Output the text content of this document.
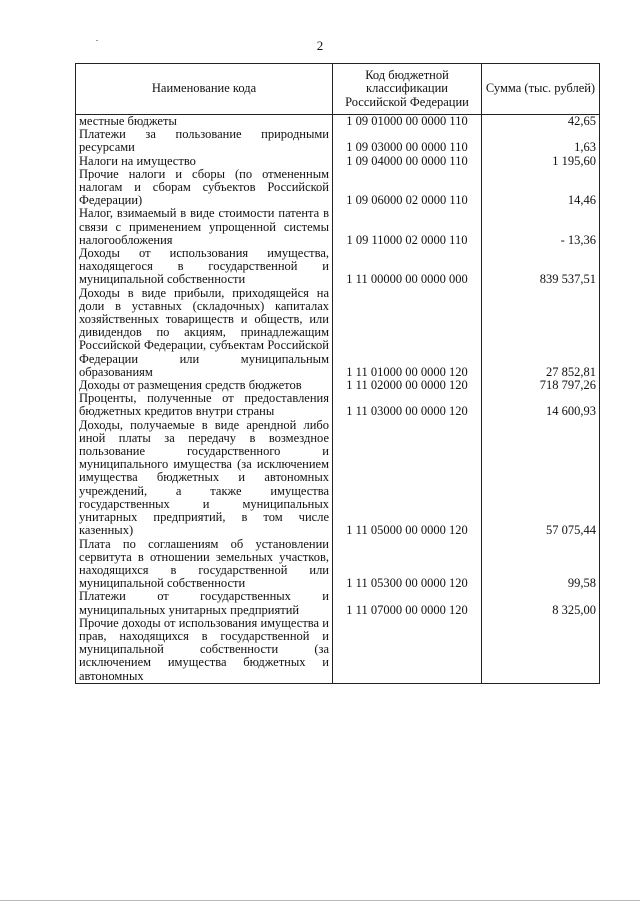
2
Наименование кода	Код бюджетной классификации Российской Федерации	Сумма (тыс. рублей)
местные бюджеты	1 09 01000 00 0000 110	42,65
Платежи за пользование природными ресурсами	1 09 03000 00 0000 110	1,63
Налоги на имущество	1 09 04000 00 0000 110	1 195,60
Прочие налоги и сборы (по отмененным налогам и сборам субъектов Российской Федерации)	1 09 06000 02 0000 110	14,46
Налог, взимаемый в виде стоимости патента в связи с применением упрощенной системы налогообложения	1 09 11000 02 0000 110	- 13,36
Доходы от использования имущества, находящегося в государственной и муниципальной собственности	1 11 00000 00 0000 000	839 537,51
Доходы в виде прибыли, приходящейся на доли в уставных (складочных) капиталах хозяйственных товариществ и обществ, или дивидендов по акциям, принадлежащим Российской Федерации, субъектам Российской Федерации или муниципальным образованиям	1 11 01000 00 0000 120	27 852,81
Доходы от размещения средств бюджетов	1 11 02000 00 0000 120	718 797,26
Проценты, полученные от предоставления бюджетных кредитов внутри страны	1 11 03000 00 0000 120	14 600,93
Доходы, получаемые в виде арендной либо иной платы за передачу в возмездное пользование государственного и муниципального имущества (за исключением имущества бюджетных и автономных учреждений, а также имущества государственных и муниципальных унитарных предприятий, в том числе казенных)	1 11 05000 00 0000 120	57 075,44
Плата по соглашениям об установлении сервитута в отношении земельных участков, находящихся в государственной или муниципальной собственности	1 11 05300 00 0000 120	99,58
Платежи от государственных и муниципальных унитарных предприятий	1 11 07000 00 0000 120	8 325,00
Прочие доходы от использования имущества и прав, находящихся в государственной и муниципальной собственности (за исключением имущества бюджетных и автономных		
